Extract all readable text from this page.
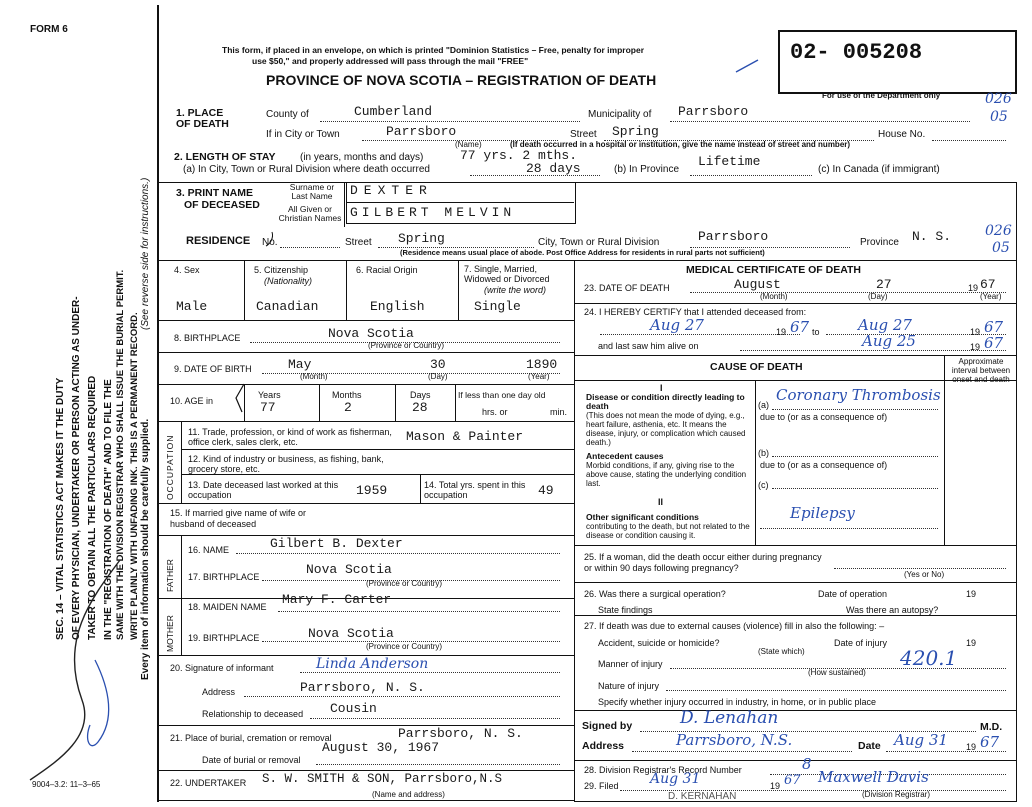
FORM 6
This form, if placed in an envelope, on which is printed "Dominion Statistics – Free, penalty for improper
use $50," and properly addressed will pass through the mail "FREE"
PROVINCE OF NOVA SCOTIA – REGISTRATION OF DEATH
02- 005208
For use of the Department only	026
05
026
05
SEC. 14 – VITAL STATISTICS ACT MAKES IT THE DUTY OF EVERY PHYSICIAN, UNDERTAKER OR PERSON ACTING AS UNDER- TAKER TO OBTAIN ALL THE PARTICULARS REQUIRED IN THE "REGISTRATION OF DEATH" AND TO FILE THE SAME WITH THE DIVISION REGISTRAR WHO SHALL ISSUE THE BURIAL PERMIT. WRITE PLAINLY WITH UNFADING INK. THIS IS A PERMANENT RECORD.
(See reverse side for instructions.)
Every item of information should be carefully supplied.
1. PLACE OF DEATH
County of	Cumberland	Municipality of Parrsboro
If in City or Town	Parrsboro
(Name)
Street Spring	House No.
(If death occurred in a hospital or institution, give the name instead of street and number)
2. LENGTH OF STAY (in years, months and days)	77 yrs. 2 mths.
(a) In City, Town or Rural Division where death occurred	28 days	(b) In Province
Lifetime
(c) In Canada (if immigrant)
3. PRINT NAME
OF DECEASED
Surname or Last Name
All Given or Christian Names
DEXTER
GILBERT MELVIN
RESIDENCE No.	Street Spring	City, Town or Rural Division	Parrsboro	Province N. S.
(Residence means usual place of abode. Post Office Address for residents in rural parts not sufficient)
4. Sex
Male
5. Citizenship
(Nationality)
Canadian
6. Racial Origin
English
7. Single, Married, Widowed or Divorced
(write the word)
Single
8. BIRTHPLACE	Nova Scotia
(Province or Country)
9. DATE OF BIRTH	May
(Month)
30
(Day)
1890
(Year)
10. AGE in
Years
77
Months
2
Days
28
If less than one day old
hrs. or	min.
OCCUPATION
11. Trade, profession, or kind of work as fisherman, office clerk, sales clerk, etc.	Mason & Painter
12. Kind of industry or business, as fishing, bank, grocery store, etc.
13. Date deceased last worked at this occupation	1959	14. Total yrs. spent in this occupation	49
15. If married give name of wife or husband of deceased
FATHER
MOTHER
16. NAME	Gilbert B. Dexter
17. BIRTHPLACE	Nova Scotia
(Province or Country)
18. MAIDEN NAME Mary F. Carter
19. BIRTHPLACE	Nova Scotia
(Province or Country)
20. Signature of informant	Linda Anderson
Address	Parrsboro, N. S.
Relationship to deceased Cousin
21. Place of burial, cremation or removal	Parrsboro, N. S.
Date of burial or removal
August 30, 1967
22. UNDERTAKER S. W. SMITH & SON, Parrsboro,N.S
(Name and address)
MEDICAL CERTIFICATE OF DEATH
23. DATE OF DEATH	August
(Month)
27
(Day)
19 67
(Year)
24. I HEREBY CERTIFY that I attended deceased from:
Aug 27	19 67 to	Aug 27	19 67
and last saw him alive on	Aug 25	19 67
CAUSE OF DEATH	Approximate interval between onset and death
I
Disease or condition directly leading to death
(This does not mean the mode of dying, e.g., heart failure, asthenia, etc. It means the disease, injury, or complication which caused death.)
(a)
Coronary Thrombosis
due to (or as a consequence of)
Antecedent causes
Morbid conditions, if any, giving rise to the above cause, stating the underlying condition last.
(b)
due to (or as a consequence of)
(c)
II
Other significant conditions
contributing to the death, but not related to the disease or condition causing it.
Epilepsy
25. If a woman, did the death occur either during pregnancy or within 90 days following pregnancy?
(Yes or No)
26. Was there a surgical operation?	Date of operation	19
State findings	Was there an autopsy?
27. If death was due to external causes (violence) fill in also the following: –
Accident, suicide or homicide?	Date of injury	19
(State which)
Manner of injury	420.1
(How sustained)
Nature of injury
Specify whether injury occurred in industry, in home, or in public place
Signed by	D. Lenahan	M.D.
Address	Parrsboro, N.S.	Date Aug 31 19 67
28. Division Registrar's Record Number	8
29. Filed Aug 31	19 67 Maxwell Davis
(Division Registrar)
D. KERNAHAN
9004–3.2: 11–3–65
